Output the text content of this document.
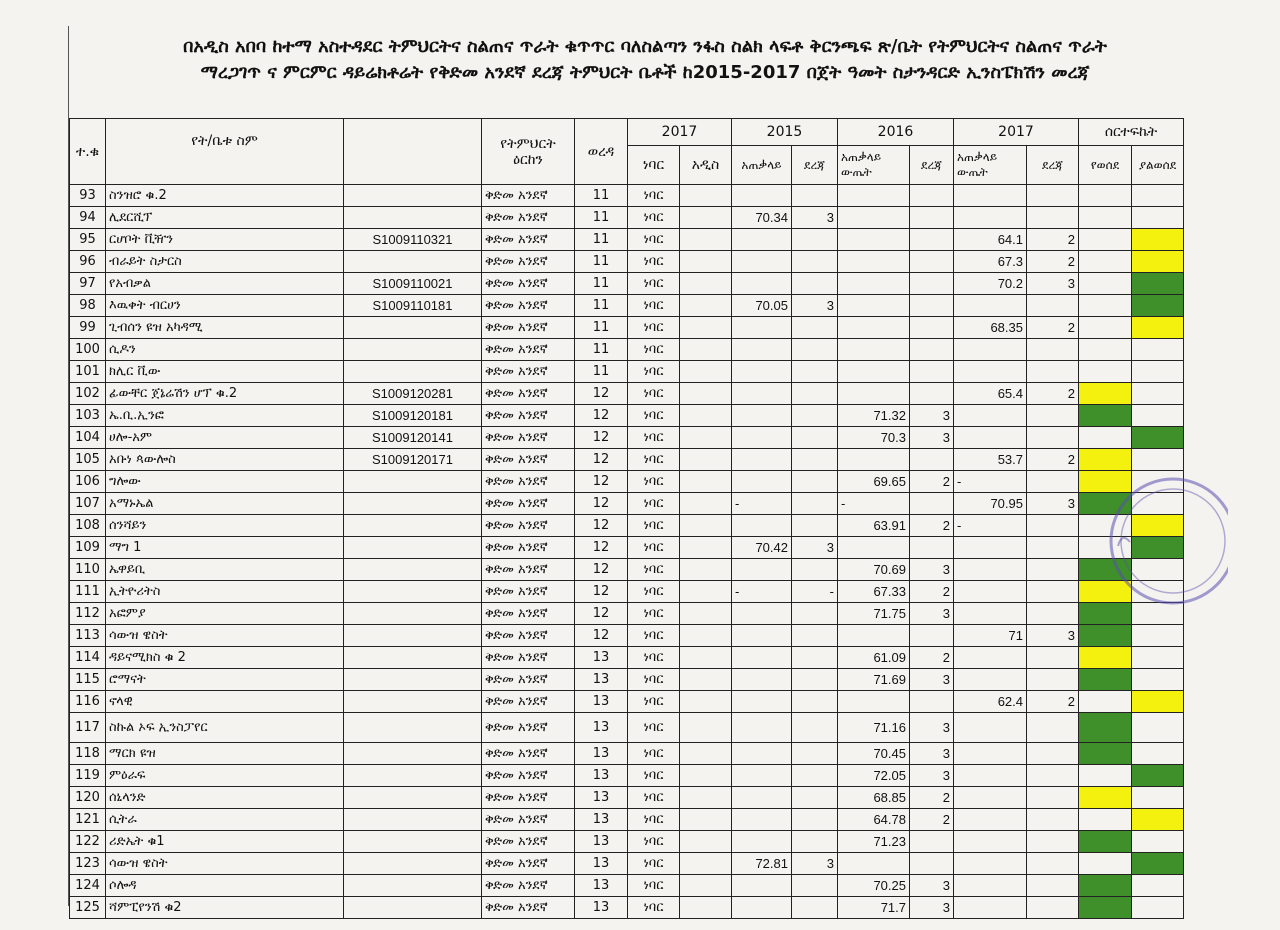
በአዲስ አበባ ከተማ አስተዳደር ትምህርትና ስልጠና ጥራት ቁጥጥር ባለስልጣን ንፋስ ስልክ ላፍቶ ቅርንጫፍ ጽ/ቤት የትምህርትና ስልጠና ጥራት
ማረጋገጥ ና ምርምር ዳይሬክቶሬት የቅድመ አንደኛ ደረጃ ትምህርት ቤቶች ከ2015-2017 በጀት ዓመት ስታንዳርድ ኢንስፔክሽን መረጃ
ተ.ቁ	የት/ቤቱ ስም		የትምህርት ዕርከን	ወረዳ	2017		2015		2016		2017		ሰርተፍኬት	
					ነባር	አዲስ	አጠቃላይ	ደረጃ	አጠቃላይ ውጤት	ደረጃ	አጠቃላይ ውጤት	ደረጃ	የወሰደ	ያልወሰደ
93	ስንዝሮ ቁ.2		ቅድመ አንደኛ	11	ነባር									
94	ሊደርሺፕ		ቅድመ አንደኛ	11	ነባር		70.34	3						
95	ርሆቦት ቪዥን	S1009110321	ቅድመ አንደኛ	11	ነባር						64.1	2		
96	ብራይት ስታርስ		ቅድመ አንደኛ	11	ነባር						67.3	2		
97	የአብቃል	S1009110021	ቅድመ አንደኛ	11	ነባር						70.2	3		
98	እዉቀት ብርሀን	S1009110181	ቅድመ አንደኛ	11	ነባር		70.05	3						
99	ጊብሰን ዩዝ አካዳሚ		ቅድመ አንደኛ	11	ነባር						68.35	2		
100	ሲዶን		ቅድመ አንደኛ	11	ነባር									
101	ክሊር ቪው		ቅድመ አንደኛ	11	ነባር									
102	ፊውቸር ጀኔሬሽን ሆፕ ቁ.2	S1009120281	ቅድመ አንደኛ	12	ነባር						65.4	2		
103	ኤ.ቢ.ኢንፎ	S1009120181	ቅድመ አንደኛ	12	ነባር				71.32	3				
104	ሀሎ-አም	S1009120141	ቅድመ አንደኛ	12	ነባር				70.3	3				
105	አቡነ ጳውሎስ	S1009120171	ቅድመ አንደኛ	12	ነባር						53.7	2		
106	ግሎው		ቅድመ አንደኛ	12	ነባር				69.65	2	-			
107	አማኑኤል		ቅድመ አንደኛ	12	ነባር		-		-		70.95	3		
108	ሰንሻይን		ቅድመ አንደኛ	12	ነባር				63.91	2	-			
109	ማግ 1		ቅድመ አንደኛ	12	ነባር		70.42	3						
110	ኤዋይቢ		ቅድመ አንደኛ	12	ነባር				70.69	3				
111	ኢትዮሪትስ		ቅድመ አንደኛ	12	ነባር		-	-	67.33	2				
112	አፎምያ		ቅድመ አንደኛ	12	ነባር				71.75	3				
113	ሳውዝ ዌስት		ቅድመ አንደኛ	12	ነባር						71	3		
114	ዳይናሚክስ ቁ 2		ቅድመ አንደኛ	13	ነባር				61.09	2				
115	ሮማናት		ቅድመ አንደኛ	13	ነባር				71.69	3				
116	ኖላዊ		ቅድመ አንደኛ	13	ነባር						62.4	2		
117	ስኩል ኦፍ ኢንስፓየር		ቅድመ አንደኛ	13	ነባር				71.16	3				
118	ማርክ ዩዝ		ቅድመ አንደኛ	13	ነባር				70.45	3				
119	ምዕራፍ		ቅድመ አንደኛ	13	ነባር				72.05	3				
120	ሰኒላንድ		ቅድመ አንደኛ	13	ነባር				68.85	2				
121	ሲትራ		ቅድመ አንደኛ	13	ነባር				64.78	2				
122	ሪድኤት ቁ1		ቅድመ አንደኛ	13	ነባር				71.23					
123	ሳውዝ ዌስት		ቅድመ አንደኛ	13	ነባር		72.81	3						
124	ሶሎዳ		ቅድመ አንደኛ	13	ነባር				70.25	3				
125	ሻምፒየንሽ ቁ2		ቅድመ አንደኛ	13	ነባር				71.7	3				
